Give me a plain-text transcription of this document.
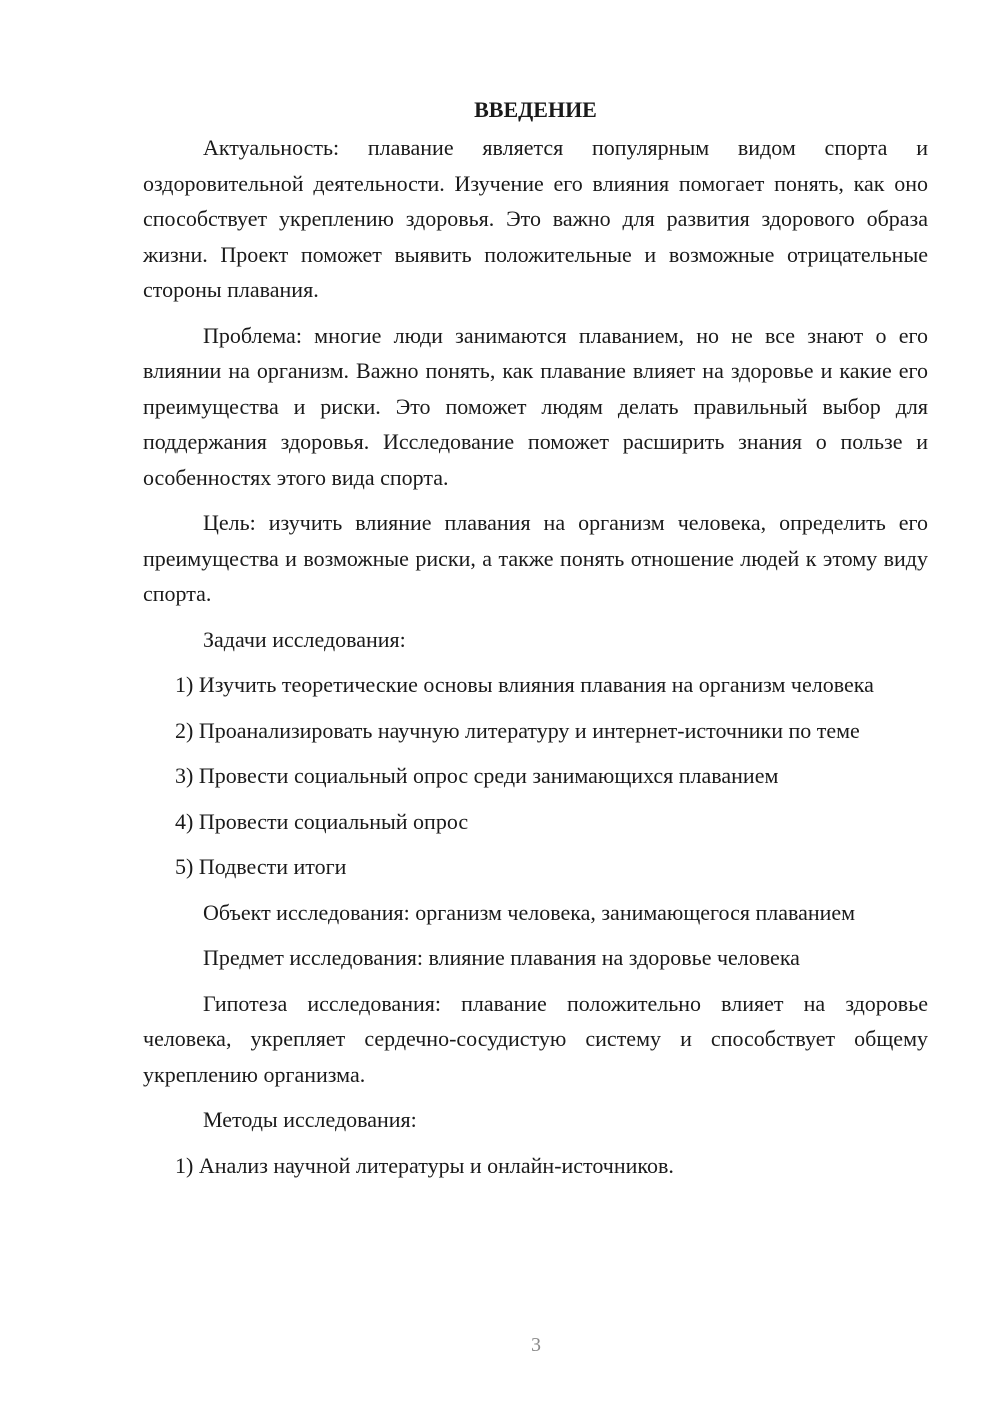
ВВЕДЕНИЕ

Актуальность: плавание является популярным видом спорта и оздоровительной деятельности. Изучение его влияния помогает понять, как оно способствует укреплению здоровья. Это важно для развития здорового образа жизни. Проект поможет выявить положительные и возможные отрицательные стороны плавания.

Проблема: многие люди занимаются плаванием, но не все знают о его влиянии на организм. Важно понять, как плавание влияет на здоровье и какие его преимущества и риски. Это поможет людям делать правильный выбор для поддержания здоровья. Исследование поможет расширить знания о пользе и особенностях этого вида спорта.

Цель: изучить влияние плавания на организм человека, определить его преимущества и возможные риски, а также понять отношение людей к этому виду спорта.

Задачи исследования:

1) Изучить теоретические основы влияния плавания на организм человека

2) Проанализировать научную литературу и интернет-источники по теме

3) Провести социальный опрос среди занимающихся плаванием

4) Провести социальный опрос

5) Подвести итоги

Объект исследования: организм человека, занимающегося плаванием

Предмет исследования: влияние плавания на здоровье человека

Гипотеза исследования: плавание положительно влияет на здоровье человека, укрепляет сердечно-сосудистую систему и способствует общему укреплению организма.

Методы исследования:

1) Анализ научной литературы и онлайн-источников.

3
